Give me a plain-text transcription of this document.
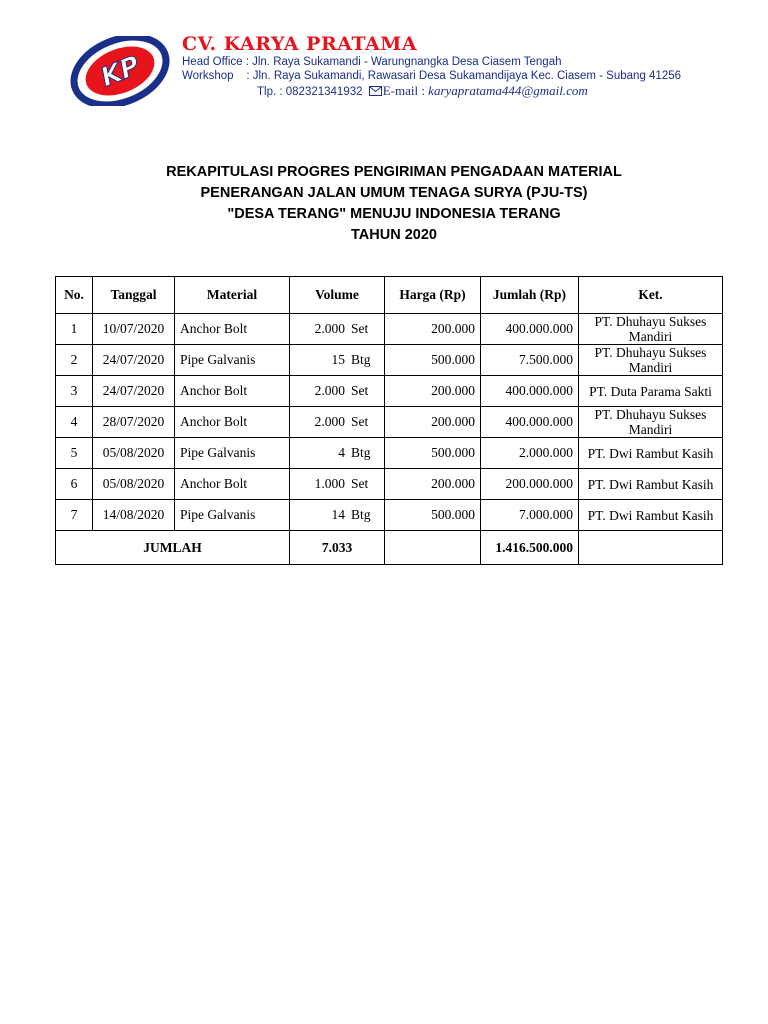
KP
CV. KARYA PRATAMA
Head Office : Jln. Raya Sukamandi - Warungnangka Desa Ciasem Tengah
Workshop    : Jln. Raya Sukamandi, Rawasari Desa Sukamandijaya Kec. Ciasem - Subang 41256
Tlp. : 082321341932 E-mail : karyapratama444@gmail.com
REKAPITULASI PROGRES PENGIRIMAN PENGADAAN MATERIAL
PENERANGAN JALAN UMUM TENAGA SURYA (PJU-TS)
"DESA TERANG" MENUJU INDONESIA TERANG
TAHUN 2020
No.	Tanggal	Material	Volume	Harga (Rp)	Jumlah (Rp)	Ket.
1	10/07/2020	Anchor Bolt	2.000 Set	200.000	400.000.000	PT. Dhuhayu Sukses Mandiri
2	24/07/2020	Pipe Galvanis	15 Btg	500.000	7.500.000	PT. Dhuhayu Sukses Mandiri
3	24/07/2020	Anchor Bolt	2.000 Set	200.000	400.000.000	PT. Duta Parama Sakti
4	28/07/2020	Anchor Bolt	2.000 Set	200.000	400.000.000	PT. Dhuhayu Sukses Mandiri
5	05/08/2020	Pipe Galvanis	4 Btg	500.000	2.000.000	PT. Dwi Rambut Kasih
6	05/08/2020	Anchor Bolt	1.000 Set	200.000	200.000.000	PT. Dwi Rambut Kasih
7	14/08/2020	Pipe Galvanis	14 Btg	500.000	7.000.000	PT. Dwi Rambut Kasih
JUMLAH			7.033		1.416.500.000	
